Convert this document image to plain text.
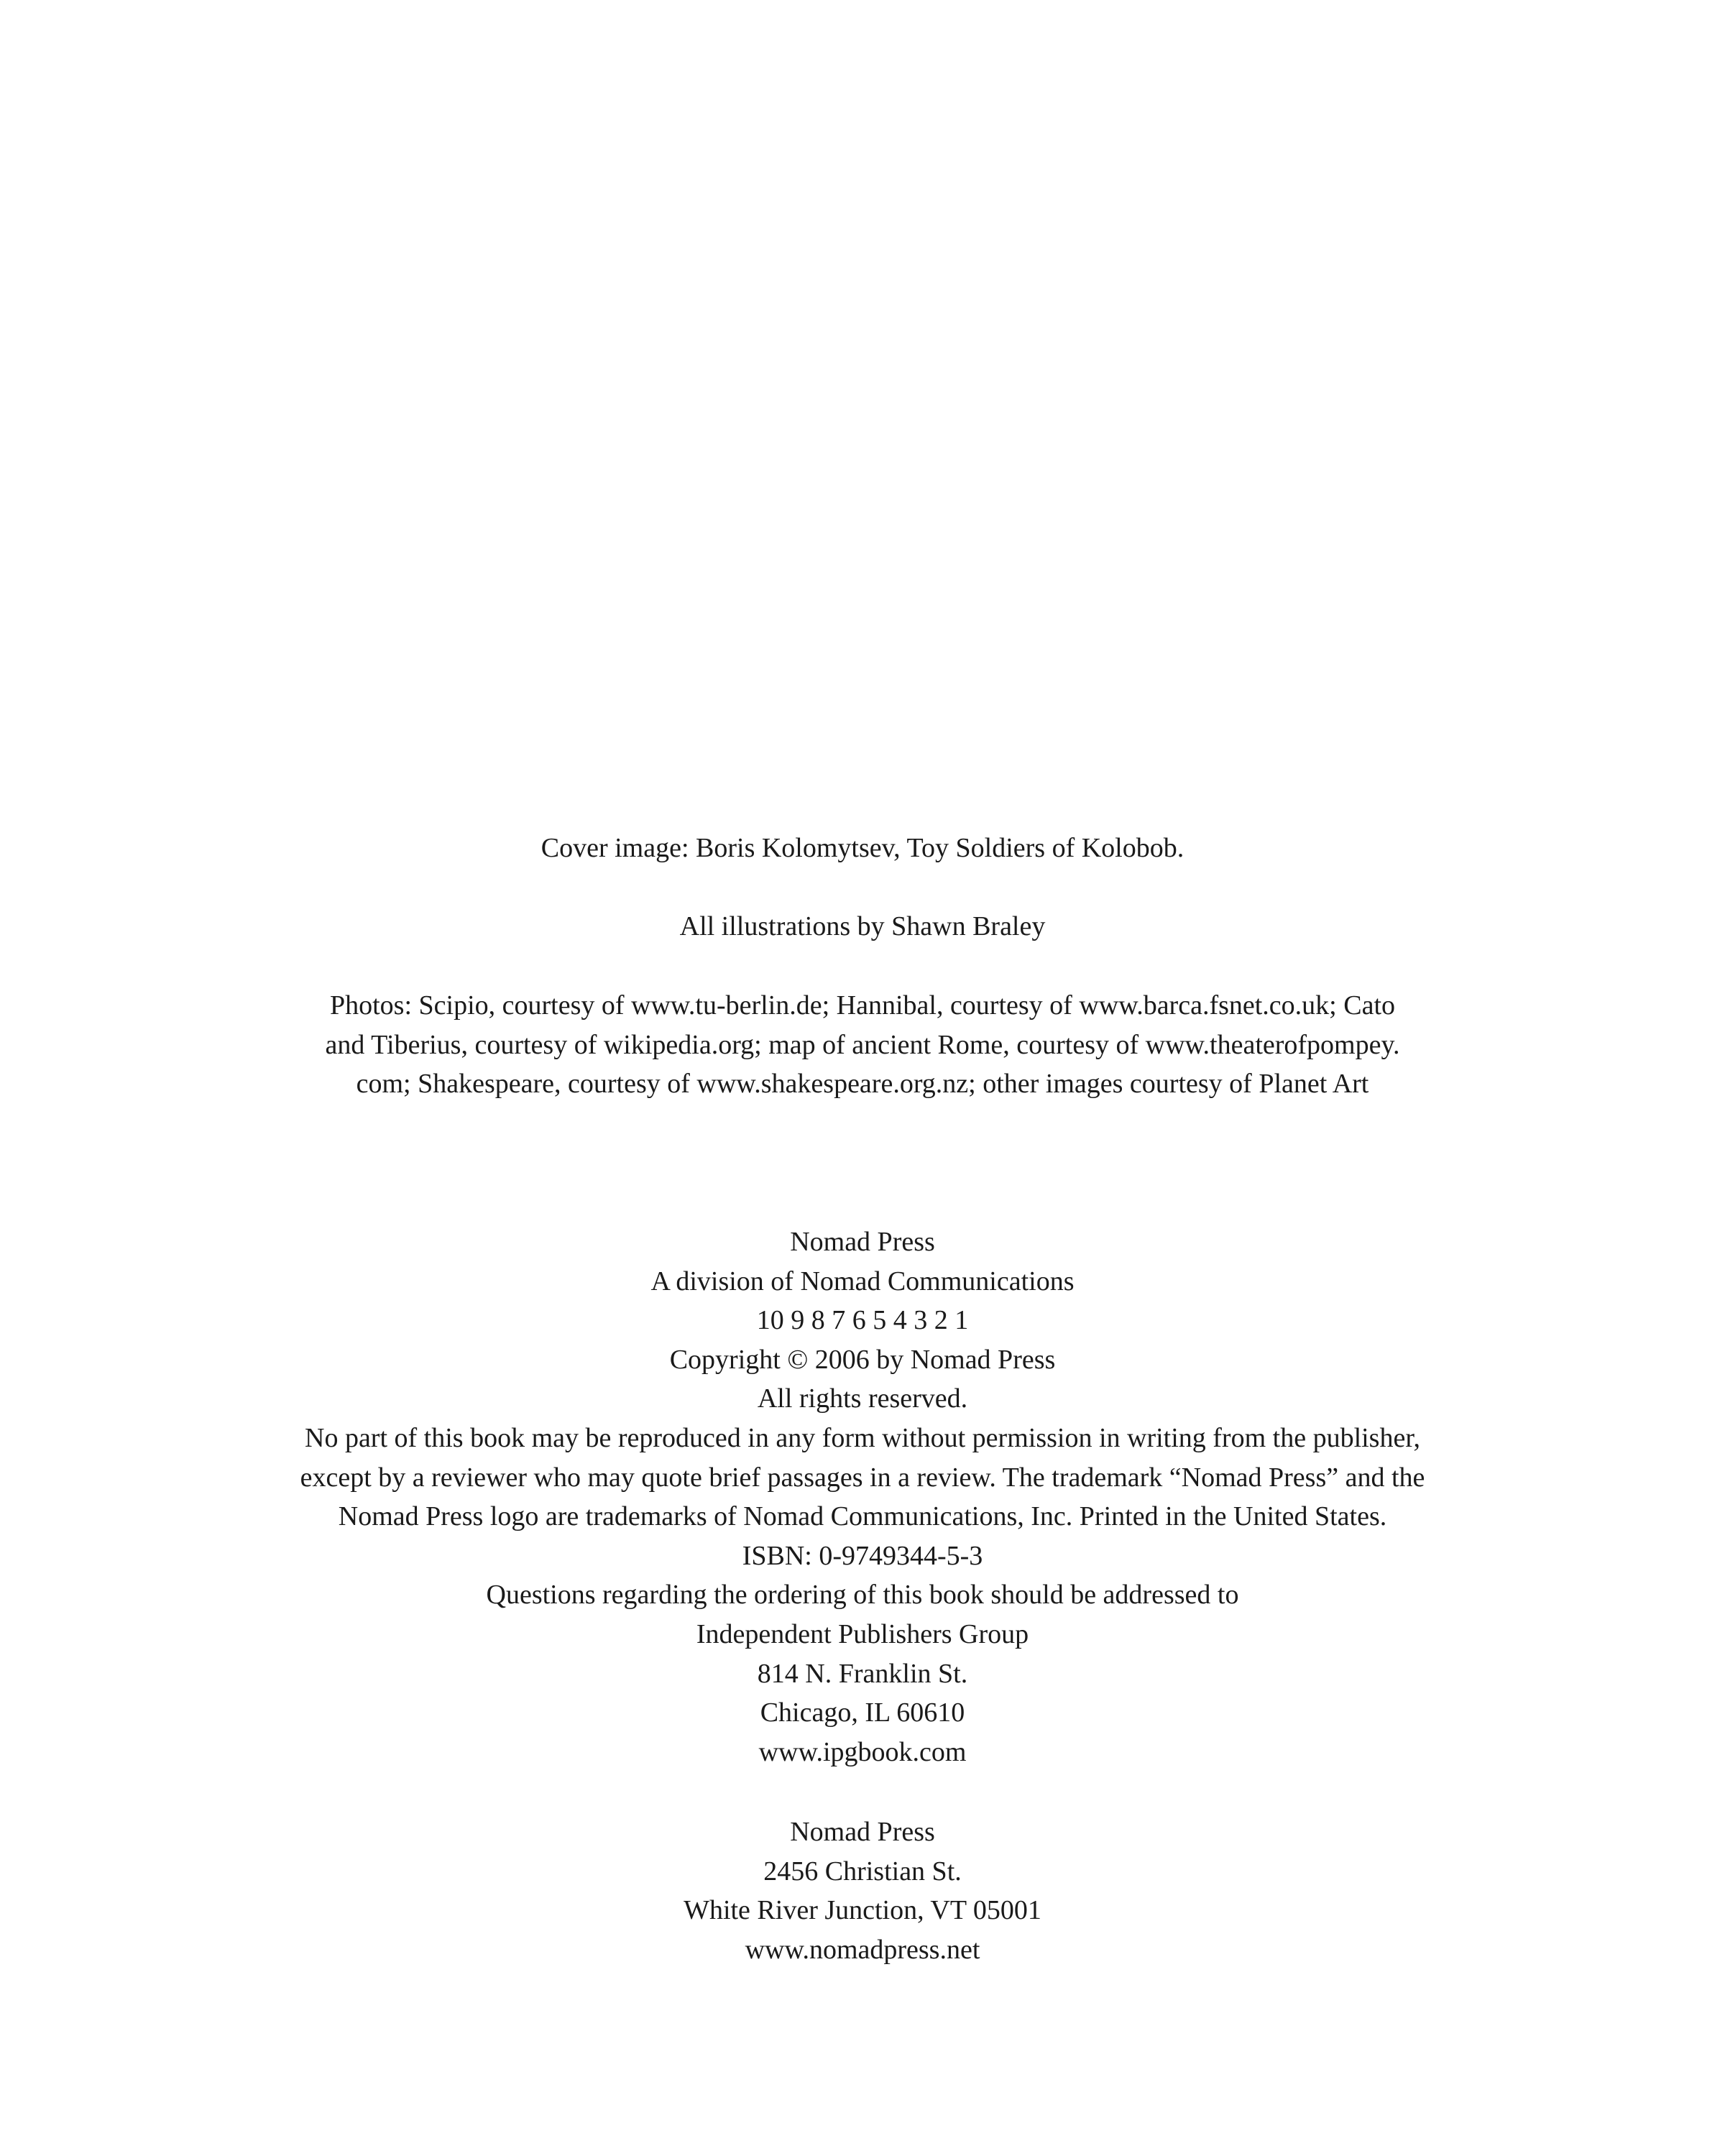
Cover image: Boris Kolomytsev, Toy Soldiers of Kolobob.
All illustrations by Shawn Braley
Photos: Scipio, courtesy of www.tu-berlin.de; Hannibal, courtesy of www.barca.fsnet.co.uk; Cato
and Tiberius, courtesy of wikipedia.org; map of ancient Rome, courtesy of www.theaterofpompey.
com; Shakespeare, courtesy of www.shakespeare.org.nz; other images courtesy of Planet Art
Nomad Press
A division of Nomad Communications
10 9 8 7 6 5 4 3 2 1
Copyright © 2006 by Nomad Press
All rights reserved.
No part of this book may be reproduced in any form without permission in writing from the publisher,
except by a reviewer who may quote brief passages in a review. The trademark “Nomad Press” and the
Nomad Press logo are trademarks of Nomad Communications, Inc. Printed in the United States.
ISBN: 0-9749344-5-3
Questions regarding the ordering of this book should be addressed to
Independent Publishers Group
814 N. Franklin St.
Chicago, IL 60610
www.ipgbook.com
Nomad Press
2456 Christian St.
White River Junction, VT 05001
www.nomadpress.net
